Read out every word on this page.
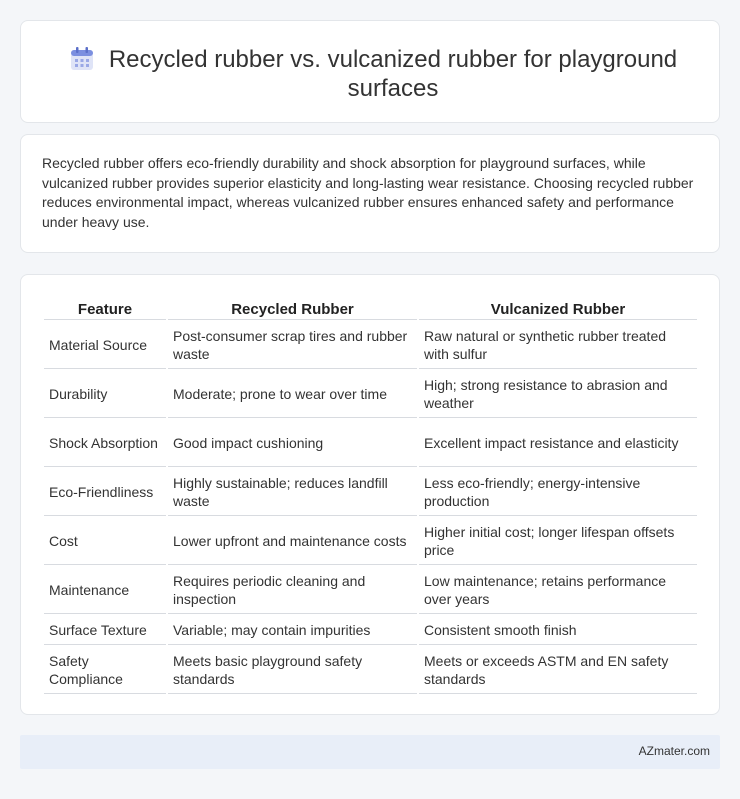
Recycled rubber vs. vulcanized rubber for playground surfaces

Recycled rubber offers eco-friendly durability and shock absorption for playground surfaces, while vulcanized rubber provides superior elasticity and long-lasting wear resistance. Choosing recycled rubber reduces environmental impact, whereas vulcanized rubber ensures enhanced safety and performance under heavy use.

Feature	Recycled Rubber	Vulcanized Rubber
Material Source	Post-consumer scrap tires and rubber waste	Raw natural or synthetic rubber treated with sulfur
Durability	Moderate; prone to wear over time	High; strong resistance to abrasion and weather
Shock Absorption	Good impact cushioning	Excellent impact resistance and elasticity
Eco-Friendliness	Highly sustainable; reduces landfill waste	Less eco-friendly; energy-intensive production
Cost	Lower upfront and maintenance costs	Higher initial cost; longer lifespan offsets price
Maintenance	Requires periodic cleaning and inspection	Low maintenance; retains performance over years
Surface Texture	Variable; may contain impurities	Consistent smooth finish
Safety Compliance	Meets basic playground safety standards	Meets or exceeds ASTM and EN safety standards
AZmater.com
